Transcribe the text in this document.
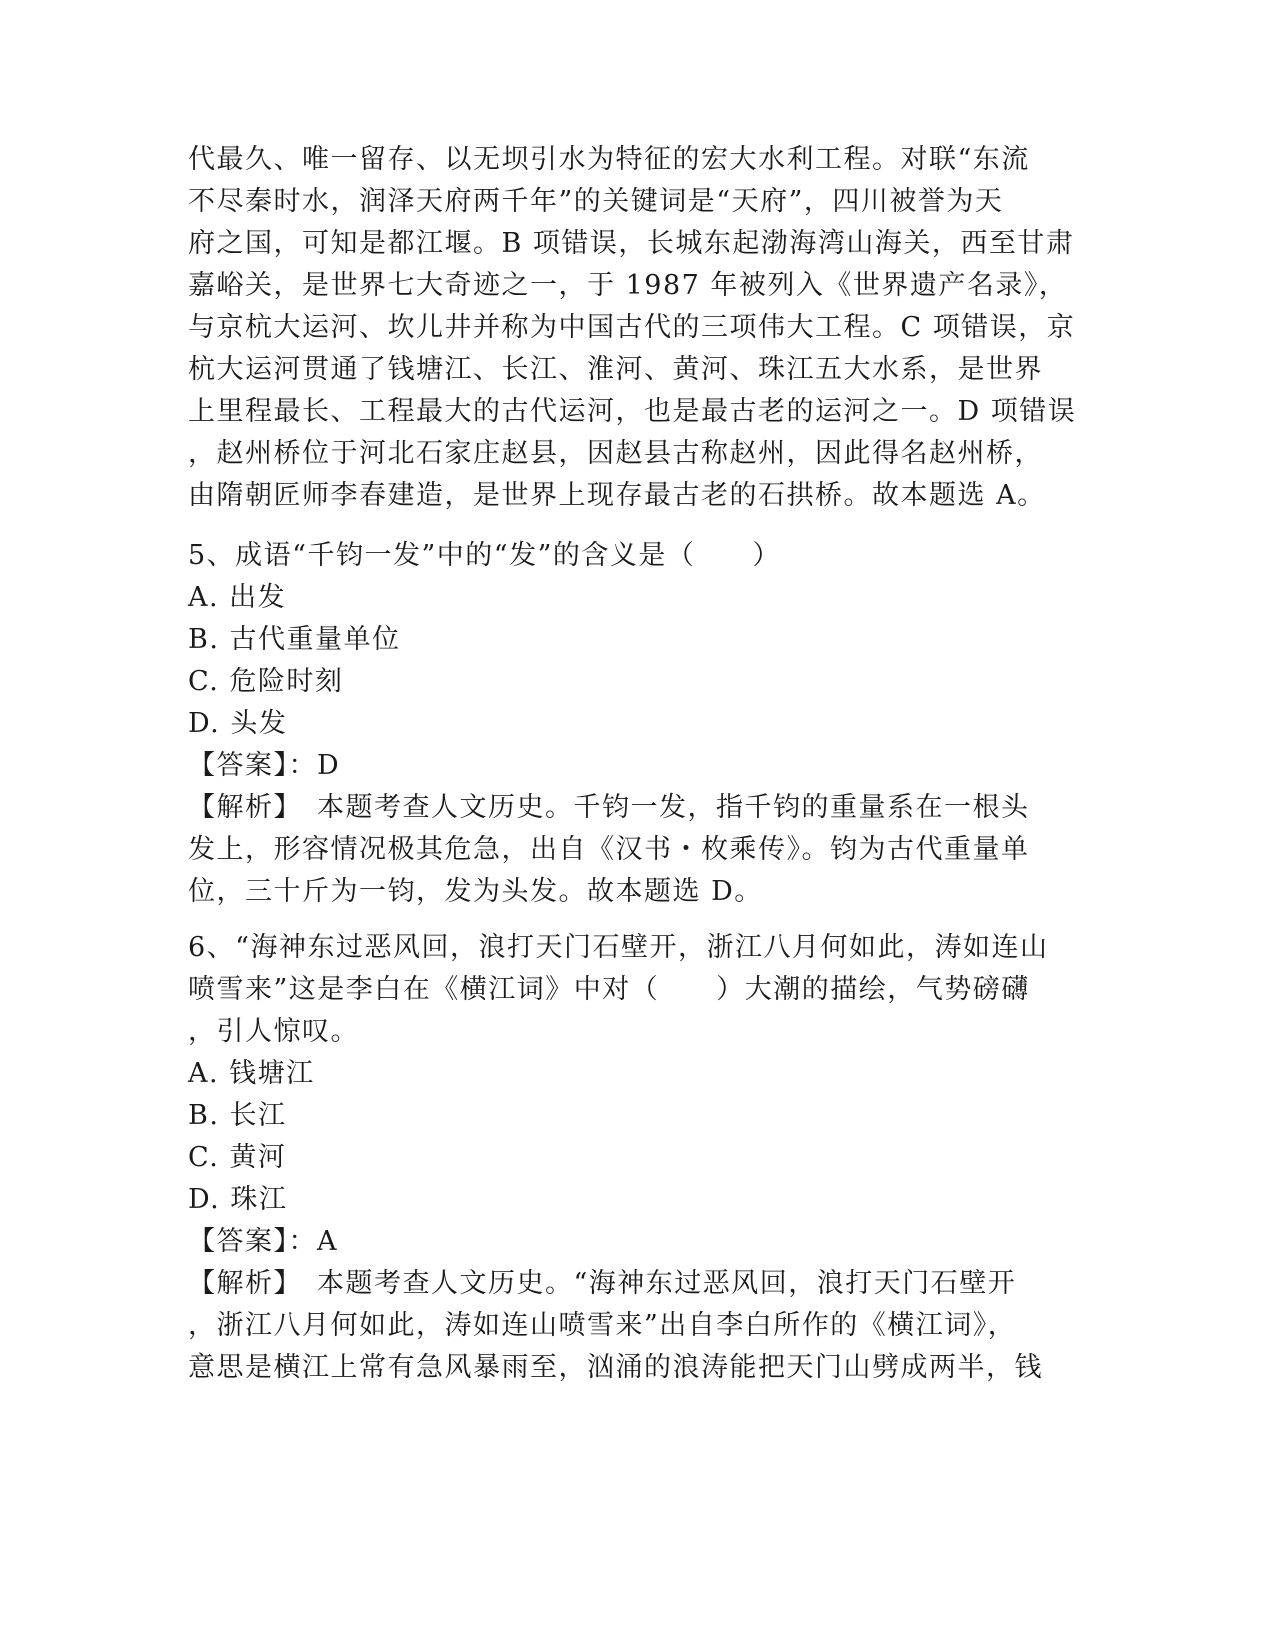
代最久、唯一留存、以无坝引水为特征的宏大水利工程。对联“东流
不尽秦时水，润泽天府两千年”的关键词是“天府”，四川被誉为天
府之国，可知是都江堰。B 项错误，长城东起渤海湾山海关，西至甘肃
嘉峪关，是世界七大奇迹之一，于 1987 年被列入《世界遗产名录》，
与京杭大运河、坎儿井并称为中国古代的三项伟大工程。C 项错误，京
杭大运河贯通了钱塘江、长江、淮河、黄河、珠江五大水系，是世界
上里程最长、工程最大的古代运河，也是最古老的运河之一。D 项错误
，赵州桥位于河北石家庄赵县，因赵县古称赵州，因此得名赵州桥，
由隋朝匠师李春建造，是世界上现存最古老的石拱桥。故本题选 A。
5、成语“千钧一发”中的“发”的含义是（　　）
A. 出发
B. 古代重量单位
C. 危险时刻
D. 头发
【答案】：D
【解析】　本题考查人文历史。千钧一发，指千钧的重量系在一根头
发上，形容情况极其危急，出自《汉书・枚乘传》。钧为古代重量单
位，三十斤为一钧，发为头发。故本题选 D。
6、“海神东过恶风回，浪打天门石壁开，浙江八月何如此，涛如连山
喷雪来”这是李白在《横江词》中对（　　）大潮的描绘，气势磅礴
，引人惊叹。
A. 钱塘江
B. 长江
C. 黄河
D. 珠江
【答案】：A
【解析】　本题考查人文历史。“海神东过恶风回，浪打天门石壁开
，浙江八月何如此，涛如连山喷雪来”出自李白所作的《横江词》，
意思是横江上常有急风暴雨至，汹涌的浪涛能把天门山劈成两半，钱
